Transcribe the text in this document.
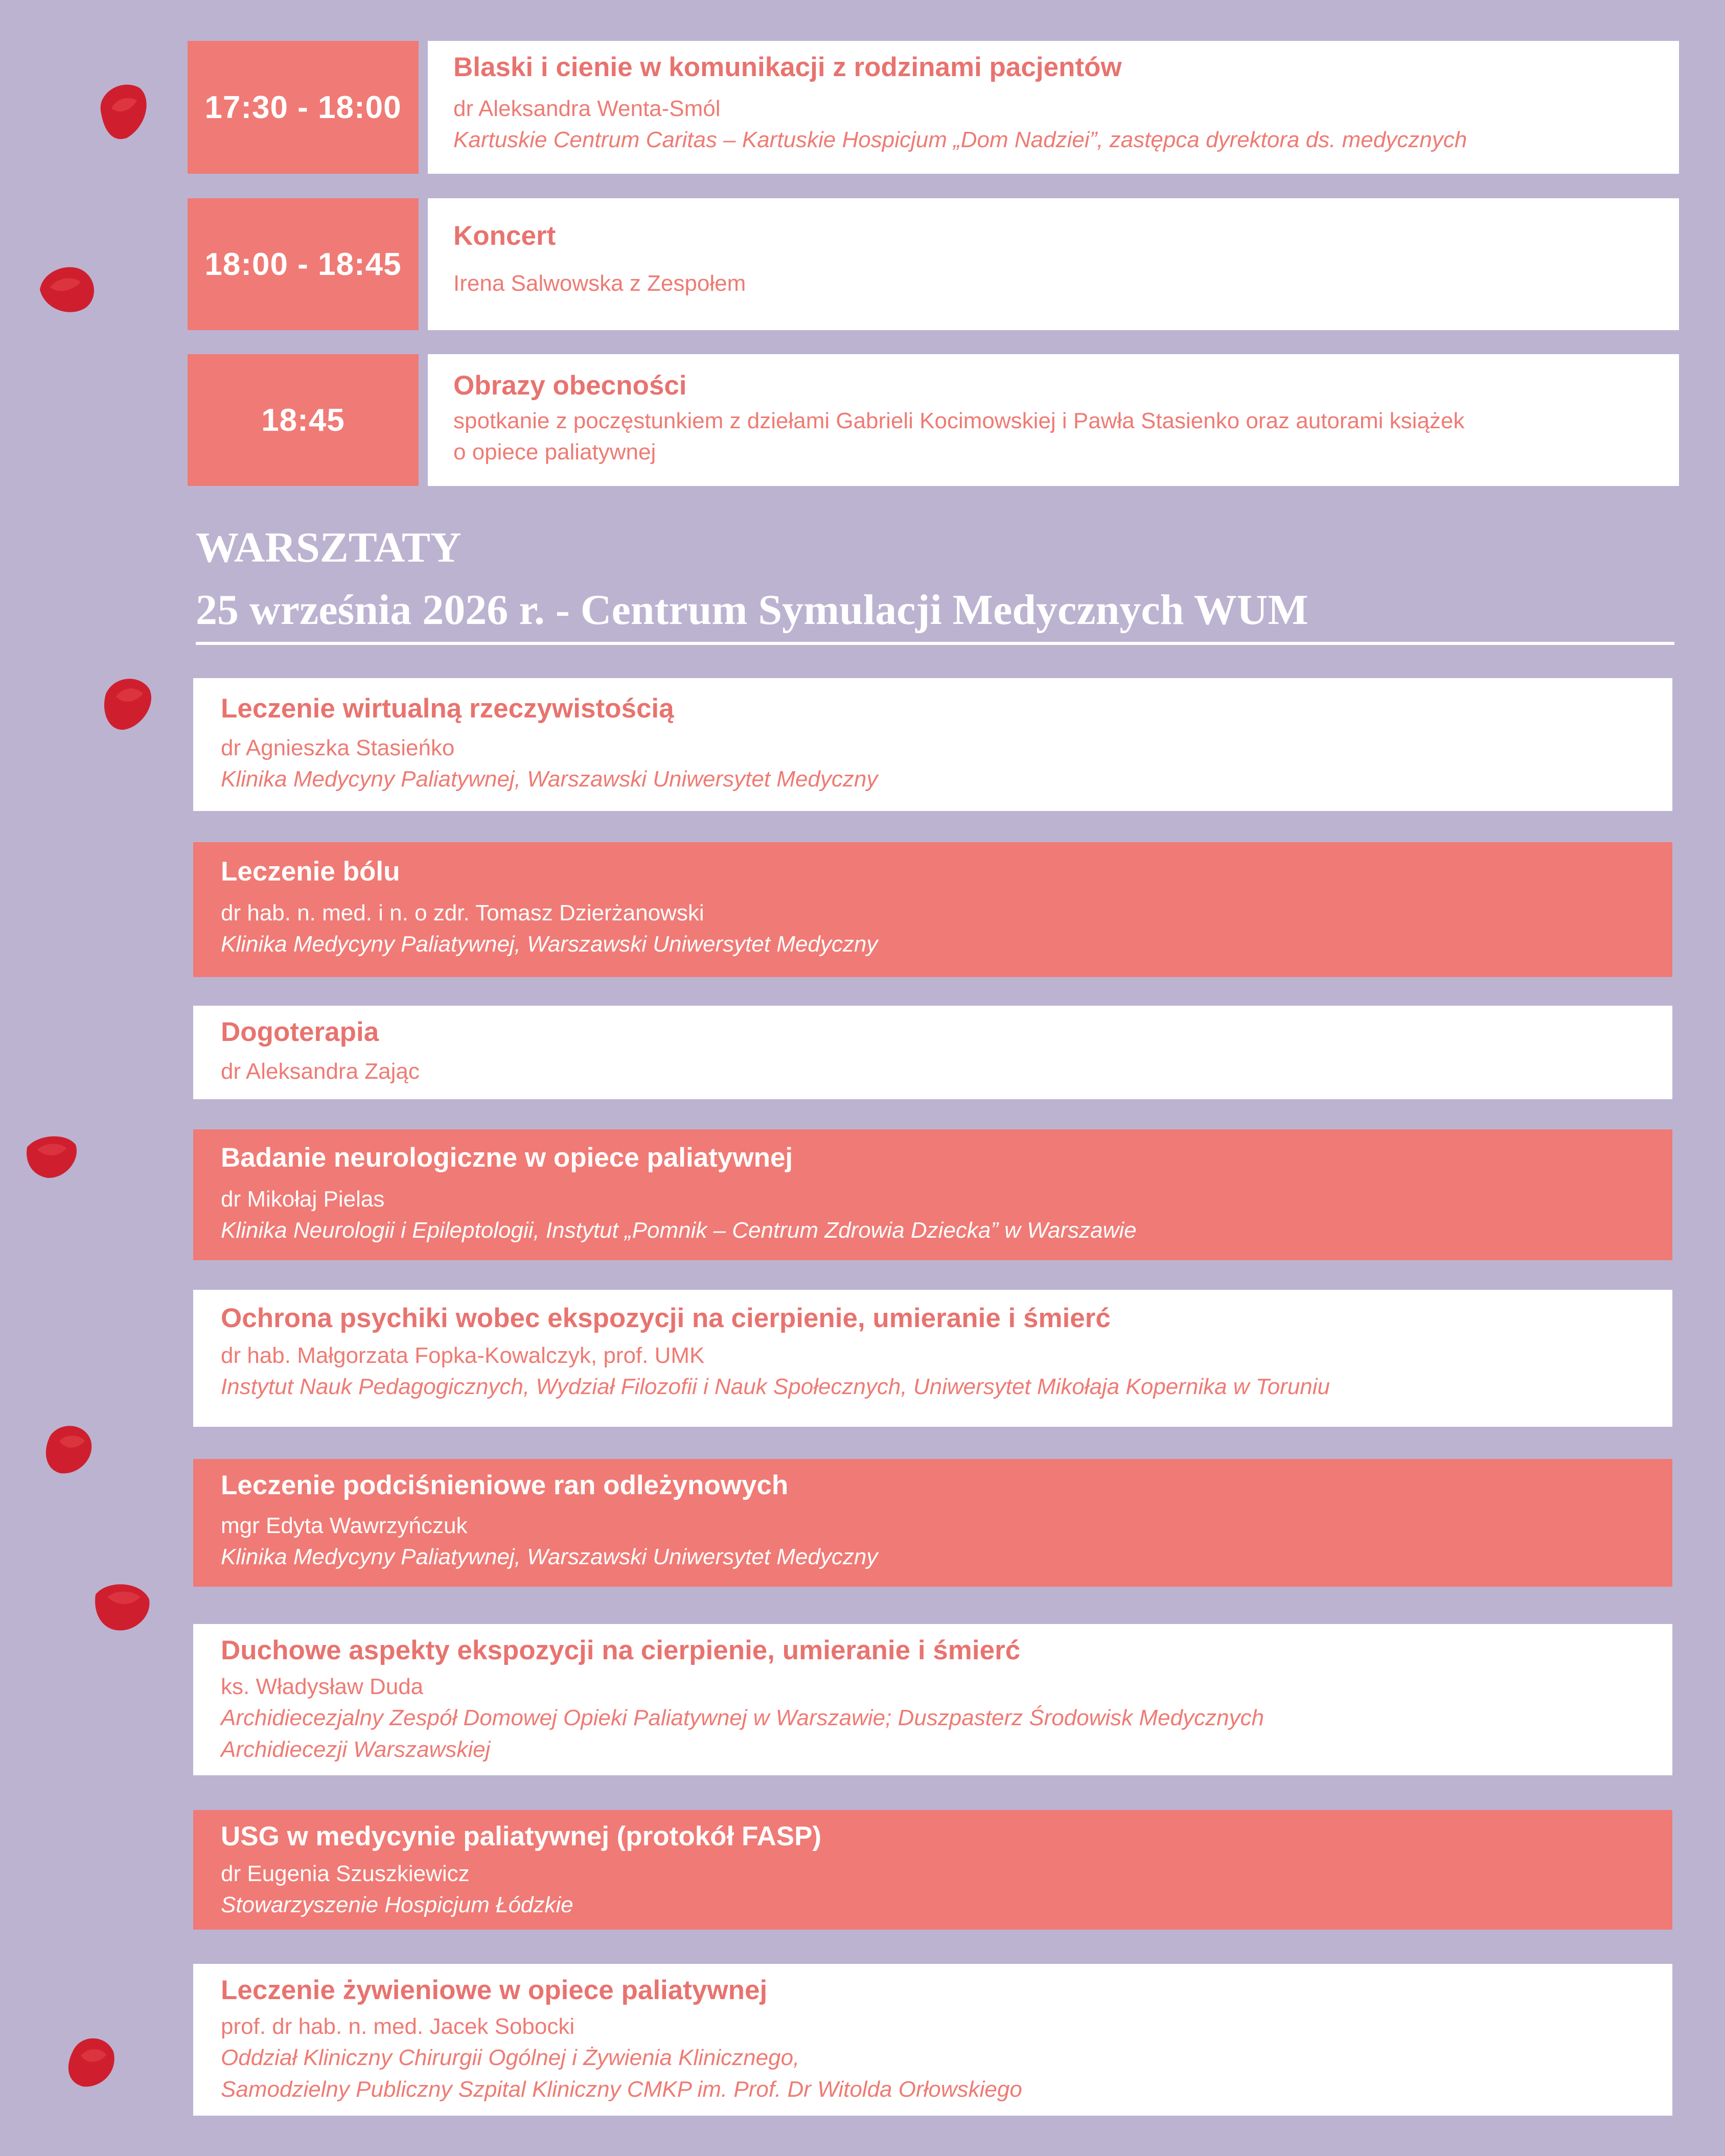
17:30 - 18:00
Blaski i cienie w komunikacji z rodzinami pacjentów
dr Aleksandra Wenta-Smól
Kartuskie Centrum Caritas – Kartuskie Hospicjum „Dom Nadziei”, zastępca dyrektora ds. medycznych
18:00 - 18:45
Koncert
Irena Salwowska z Zespołem
18:45
Obrazy obecności
spotkanie z poczęstunkiem z dziełami Gabrieli Kocimowskiej i Pawła Stasienko oraz autorami książek
o opiece paliatywnej
WARSZTATY
25 września 2026 r. - Centrum Symulacji Medycznych WUM
Leczenie wirtualną rzeczywistością
dr Agnieszka Stasieńko
Klinika Medycyny Paliatywnej, Warszawski Uniwersytet Medyczny
Leczenie bólu
dr hab. n. med. i n. o zdr. Tomasz Dzierżanowski
Klinika Medycyny Paliatywnej, Warszawski Uniwersytet Medyczny
Dogoterapia
dr Aleksandra Zając
Badanie neurologiczne w opiece paliatywnej
dr Mikołaj Pielas
Klinika Neurologii i Epileptologii, Instytut „Pomnik – Centrum Zdrowia Dziecka” w Warszawie
Ochrona psychiki wobec ekspozycji na cierpienie, umieranie i śmierć
dr hab. Małgorzata Fopka-Kowalczyk, prof. UMK
Instytut Nauk Pedagogicznych, Wydział Filozofii i Nauk Społecznych, Uniwersytet Mikołaja Kopernika w Toruniu
Leczenie podciśnieniowe ran odleżynowych
mgr Edyta Wawrzyńczuk
Klinika Medycyny Paliatywnej, Warszawski Uniwersytet Medyczny
Duchowe aspekty ekspozycji na cierpienie, umieranie i śmierć
ks. Władysław Duda
Archidiecezjalny Zespół Domowej Opieki Paliatywnej w Warszawie; Duszpasterz Środowisk Medycznych
Archidiecezji Warszawskiej
USG w medycynie paliatywnej (protokół FASP)
dr Eugenia Szuszkiewicz
Stowarzyszenie Hospicjum Łódzkie
Leczenie żywieniowe w opiece paliatywnej
prof. dr hab. n. med. Jacek Sobocki
Oddział Kliniczny Chirurgii Ogólnej i Żywienia Klinicznego,
Samodzielny Publiczny Szpital Kliniczny CMKP im. Prof. Dr Witolda Orłowskiego
